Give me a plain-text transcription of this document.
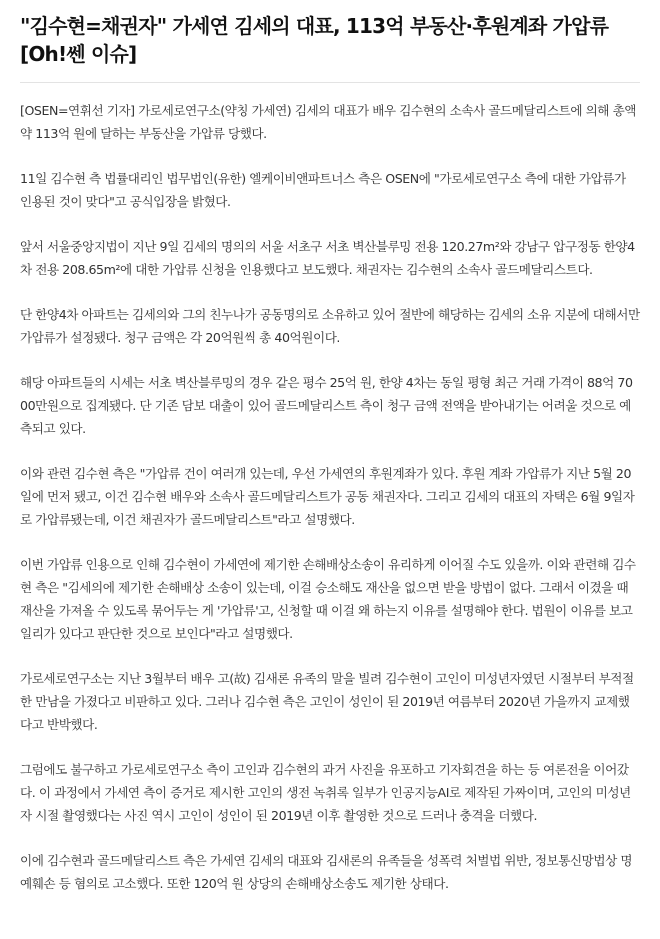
"김수현=채권자" 가세연 김세의 대표, 113억 부동산·후원계좌 가압류 [Oh!쎈 이슈]

[OSEN=연휘선 기자] 가로세로연구소(약칭 가세연) 김세의 대표가 배우 김수현의 소속사 골드메달리스트에 의해 총액 약 113억 원에 달하는 부동산을 가압류 당했다.

11일 김수현 측 법률대리인 법무법인(유한) 엘케이비앤파트너스 측은 OSEN에 "가로세로연구소 측에 대한 가압류가 인용된 것이 맞다"고 공식입장을 밝혔다.

앞서 서울중앙지법이 지난 9일 김세의 명의의 서울 서초구 서초 벽산블루밍 전용 120.27m²와 강남구 압구정동 한양4차 전용 208.65m²에 대한 가압류 신청을 인용했다고 보도했다. 채권자는 김수현의 소속사 골드메달리스트다.

단 한양4차 아파트는 김세의와 그의 친누나가 공동명의로 소유하고 있어 절반에 해당하는 김세의 소유 지분에 대해서만 가압류가 설정됐다. 청구 금액은 각 20억원씩 총 40억원이다.

해당 아파트들의 시세는 서초 벽산블루밍의 경우 같은 평수 25억 원, 한양 4차는 동일 평형 최근 거래 가격이 88억 7000만원으로 집계됐다. 단 기존 담보 대출이 있어 골드메달리스트 측이 청구 금액 전액을 받아내기는 어려울 것으로 예측되고 있다.

이와 관련 김수현 측은 "가압류 건이 여러개 있는데, 우선 가세연의 후원계좌가 있다. 후원 계좌 가압류가 지난 5월 20일에 먼저 됐고, 이건 김수현 배우와 소속사 골드메달리스트가 공동 채권자다. 그리고 김세의 대표의 자택은 6월 9일자로 가압류됐는데, 이건 채권자가 골드메달리스트"라고 설명했다.

이번 가압류 인용으로 인해 김수현이 가세연에 제기한 손해배상소송이 유리하게 이어질 수도 있을까. 이와 관련해 김수현 측은 "김세의에 제기한 손해배상 소송이 있는데, 이걸 승소해도 재산을 없으면 받을 방법이 없다. 그래서 이겼을 때 재산을 가져올 수 있도록 묶어두는 게 '가압류'고, 신청할 때 이걸 왜 하는지 이유를 설명해야 한다. 법원이 이유를 보고 일리가 있다고 판단한 것으로 보인다"라고 설명했다.

가로세로연구소는 지난 3월부터 배우 고(故) 김새론 유족의 말을 빌려 김수현이 고인이 미성년자였던 시절부터 부적절한 만남을 가졌다고 비판하고 있다. 그러나 김수현 측은 고인이 성인이 된 2019년 여름부터 2020년 가을까지 교제했다고 반박했다.

그럼에도 불구하고 가로세로연구소 측이 고인과 김수현의 과거 사진을 유포하고 기자회견을 하는 등 여론전을 이어갔다. 이 과정에서 가세연 측이 증거로 제시한 고인의 생전 녹취록 일부가 인공지능AI로 제작된 가짜이며, 고인의 미성년자 시절 촬영했다는 사진 역시 고인이 성인이 된 2019년 이후 촬영한 것으로 드러나 충격을 더했다.

이에 김수현과 골드메달리스트 측은 가세연 김세의 대표와 김새론의 유족들을 성폭력 처벌법 위반, 정보통신망법상 명예훼손 등 혐의로 고소했다. 또한 120억 원 상당의 손해배상소송도 제기한 상태다.
